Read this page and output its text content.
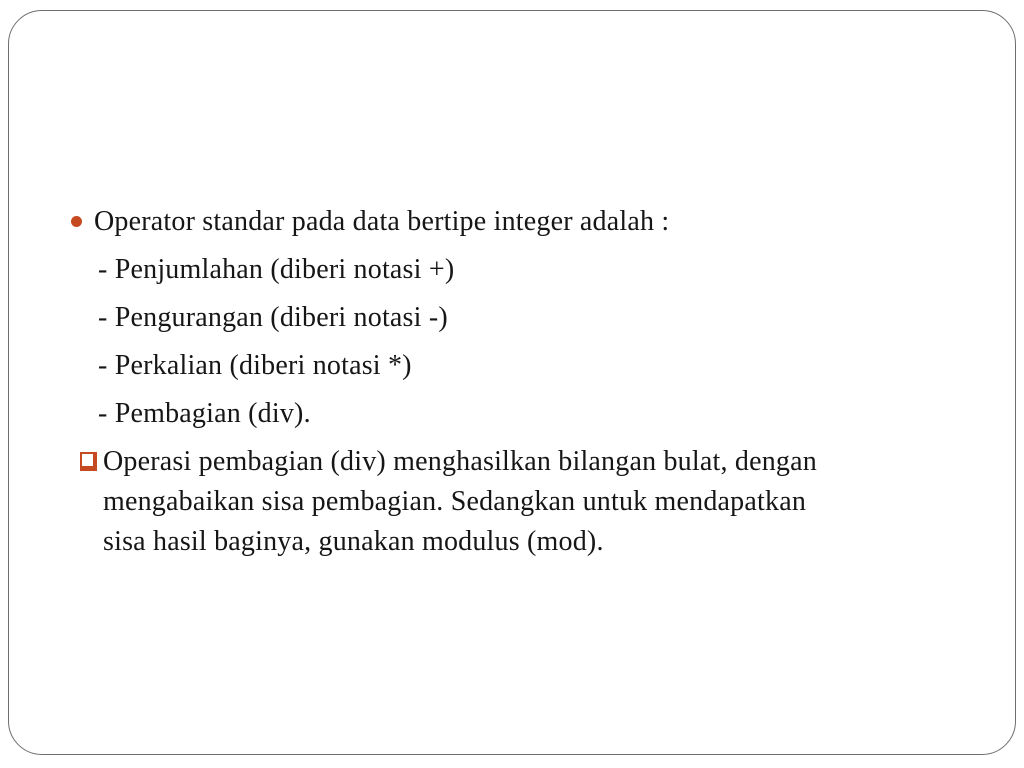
Operator standar pada data bertipe integer adalah :
- Penjumlahan (diberi notasi +)
- Pengurangan (diberi notasi -)
- Perkalian (diberi notasi *)
- Pembagian (div).
Operasi pembagian (div) menghasilkan bilangan bulat, dengan
mengabaikan sisa pembagian. Sedangkan untuk mendapatkan
sisa hasil baginya, gunakan modulus (mod).
